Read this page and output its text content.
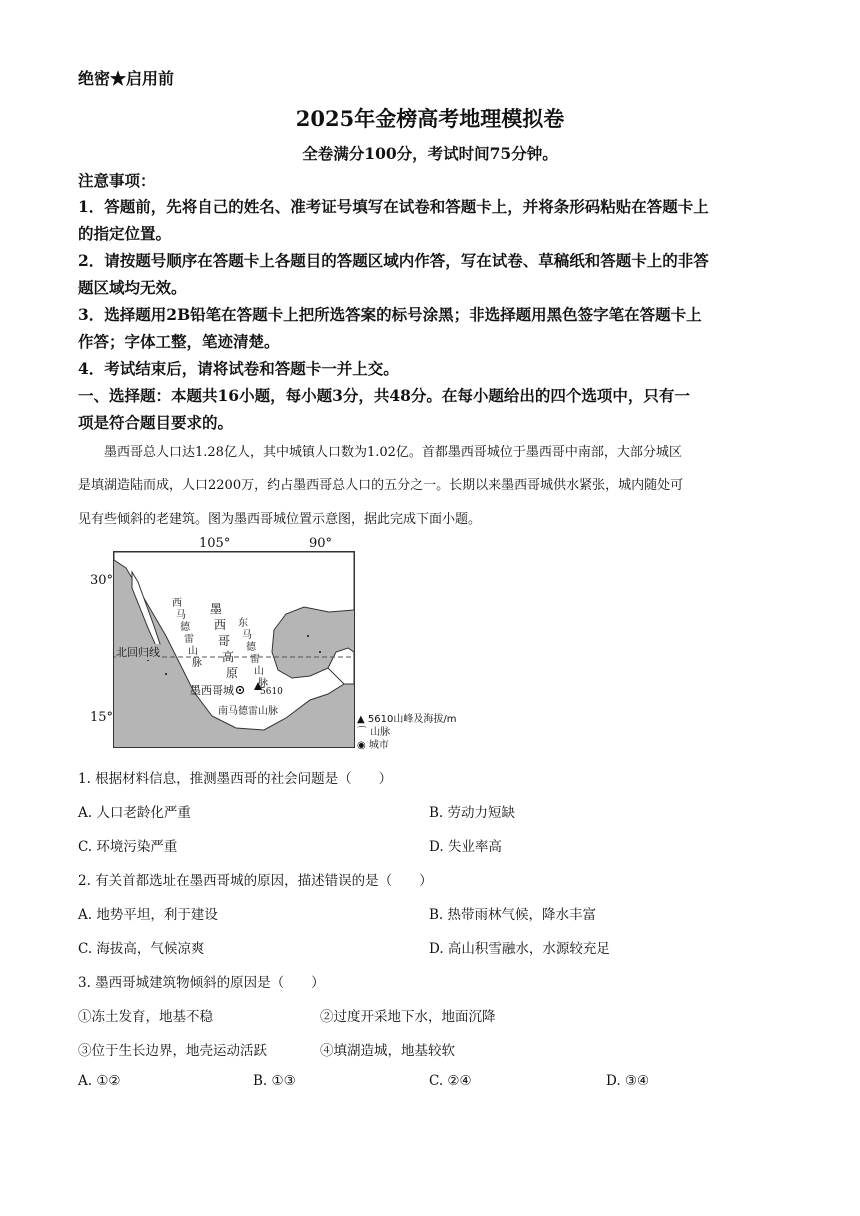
绝密★启用前
2025年金榜高考地理模拟卷
全卷满分100分，考试时间75分钟。
注意事项：
1．答题前，先将自己的姓名、准考证号填写在试卷和答题卡上，并将条形码粘贴在答题卡上
的指定位置。
2．请按题号顺序在答题卡上各题目的答题区域内作答，写在试卷、草稿纸和答题卡上的非答
题区域均无效。
3．选择题用2B铅笔在答题卡上把所选答案的标号涂黑；非选择题用黑色签字笔在答题卡上
作答；字体工整，笔迹清楚。
4．考试结束后，请将试卷和答题卡一并上交。
一、选择题：本题共16小题，每小题3分，共48分。在每小题给出的四个选项中，只有一
项是符合题目要求的。
墨西哥总人口达1.28亿人，其中城镇人口数为1.02亿。首都墨西哥城位于墨西哥中南部，大部分城区
是填湖造陆而成，人口2200万，约占墨西哥总人口的五分之一。长期以来墨西哥城供水紧张，城内随处可
见有些倾斜的老建筑。图为墨西哥城位置示意图，据此完成下面小题。
105°	90°
30°
15°
北回归线
墨西哥城	5610
西
马
德
雷
山
脉
墨
西
哥
高
原
东
马
德
雷
山
脉
南马德雷山脉
▲ 5610山峰及海拔/m
⌒ 山脉
◉ 城市
1. 根据材料信息，推测墨西哥的社会问题是（　　）
A. 人口老龄化严重	B. 劳动力短缺
C. 环境污染严重	D. 失业率高
2. 有关首都选址在墨西哥城的原因，描述错误的是（　　）
A. 地势平坦，利于建设	B. 热带雨林气候，降水丰富
C. 海拔高，气候凉爽	D. 高山积雪融水，水源较充足
3. 墨西哥城建筑物倾斜的原因是（　　）
①冻土发育，地基不稳	②过度开采地下水，地面沉降
③位于生长边界，地壳运动活跃	④填湖造城，地基较软
A. ①②	B. ①③	C. ②④	D. ③④
